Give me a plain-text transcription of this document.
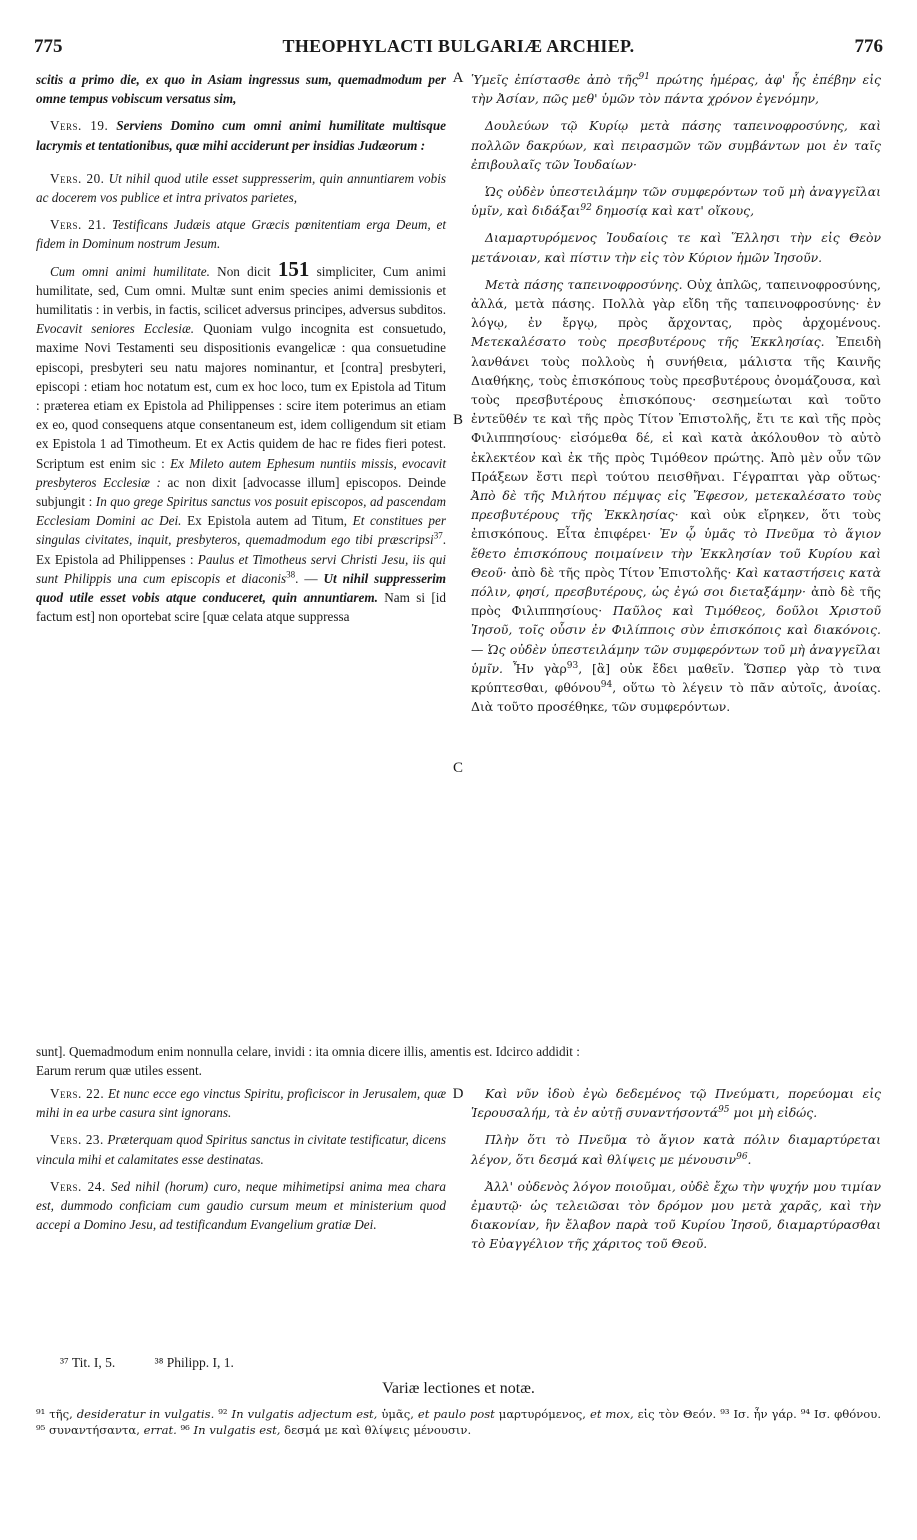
775	THEOPHYLACTI BULGARIÆ ARCHIEP.	776
A
B
C
D

scitis a primo die, ex quo in Asiam ingressus sum, quemadmodum per omne tempus vobiscum versatus sim,

Vers. 19. Serviens Domino cum omni animi humilitate multisque lacrymis et tentationibus, quæ mihi acciderunt per insidias Judæorum :

Vers. 20. Ut nihil quod utile esset suppresserim, quin annuntiarem vobis ac docerem vos publice et intra privatos parietes,

Vers. 21. Testificans Judæis atque Græcis pœnitentiam erga Deum, et fidem in Dominum nostrum Jesum.

Cum omni animi humilitate. Non dicit 151 simpliciter, Cum animi humilitate, sed, Cum omni. Multæ sunt enim species animi demissionis et humilitatis : in verbis, in factis, scilicet adversus principes, adversus subditos. Evocavit seniores Ecclesiæ. Quoniam vulgo incognita est consuetudo, maxime Novi Testamenti seu dispositionis evangelicæ : qua consuetudine episcopi, presbyteri seu natu majores nominantur, et [contra] presbyteri, episcopi : etiam hoc notatum est, cum ex hoc loco, tum ex Epistola ad Titum : præterea etiam ex Epistola ad Philippenses : scire item poterimus an etiam ex eo, quod consequens atque consentaneum est, idem colligendum sit etiam ex Epistola 1 ad Timotheum. Et ex Actis quidem de hac re fides fieri potest. Scriptum est enim sic : Ex Mileto autem Ephesum nuntiis missis, evocavit presbyteros Ecclesiæ : ac non dixit [advocasse illum] episcopos. Deinde subjungit : In quo grege Spiritus sanctus vos posuit episcopos, ad pascendam Ecclesiam Domini ac Dei. Ex Epistola autem ad Titum, Et constitues per singulas civitates, inquit, presbyteros, quemadmodum ego tibi præscripsi$^{37}$. Ex Epistola ad Philippenses : Paulus et Timotheus servi Christi Jesu, iis qui sunt Philippis una cum episcopis et diaconis$^{38}$. — Ut nihil suppresserim quod utile esset vobis atque conduceret, quin annuntiarem. Nam si [id factum est] non oportebat scire [quæ celata atque suppressa

Ὑμεῖς ἐπίστασθε ἀπὸ τῆς$^{91}$ πρώτης ἡμέρας, ἀφ' ἧς ἐπέβην εἰς τὴν Ἀσίαν, πῶς μεθ' ὑμῶν τὸν πάντα χρόνον ἐγενόμην,

Δουλεύων τῷ Κυρίῳ μετὰ πάσης ταπεινοφροσύνης, καὶ πολλῶν δακρύων, καὶ πειρασμῶν τῶν συμβάντων μοι ἐν ταῖς ἐπιβουλαῖς τῶν Ἰουδαίων·

Ὡς οὐδὲν ὑπεστειλάμην τῶν συμφερόντων τοῦ μὴ ἀναγγεῖλαι ὑμῖν, καὶ διδάξαι$^{92}$ δημοσίᾳ καὶ κατ' οἴκους,

Διαμαρτυρόμενος Ἰουδαίοις τε καὶ Ἕλλησι τὴν εἰς Θεὸν μετάνοιαν, καὶ πίστιν τὴν εἰς τὸν Κύριον ἡμῶν Ἰησοῦν.

Μετὰ πάσης ταπεινοφροσύνης. Οὐχ ἁπλῶς, ταπεινοφροσύνης, ἀλλά, μετὰ πάσης. Πολλὰ γὰρ εἴδη τῆς ταπεινοφροσύνης· ἐν λόγῳ, ἐν ἔργῳ, πρὸς ἄρχοντας, πρὸς ἀρχομένους. Μετεκαλέσατο τοὺς πρεσβυτέρους τῆς Ἐκκλησίας. Ἐπειδὴ λανθάνει τοὺς πολλοὺς ἡ συνήθεια, μάλιστα τῆς Καινῆς Διαθήκης, τοὺς ἐπισκόπους τοὺς πρεσβυτέρους ὀνομάζουσα, καὶ τοὺς πρεσβυτέρους ἐπισκόπους· σεσημείωται καὶ τοῦτο ἐντεῦθέν τε καὶ τῆς πρὸς Τίτον Ἐπιστολῆς, ἔτι τε καὶ τῆς πρὸς Φιλιππησίους· εἰσόμεθα δέ, εἰ καὶ κατὰ ἀκόλουθον τὸ αὐτὸ ἐκλεκτέον καὶ ἐκ τῆς πρὸς Τιμόθεον πρώτης. Ἀπὸ μὲν οὖν τῶν Πράξεων ἔστι περὶ τούτου πεισθῆναι. Γέγραπται γὰρ οὕτως· Ἀπὸ δὲ τῆς Μιλήτου πέμψας εἰς Ἔφεσον, μετεκαλέσατο τοὺς πρεσβυτέρους τῆς Ἐκκλησίας· καὶ οὐκ εἴρηκεν, ὅτι τοὺς ἐπισκόπους. Εἶτα ἐπιφέρει· Ἐν ᾧ ὑμᾶς τὸ Πνεῦμα τὸ ἅγιον ἔθετο ἐπισκόπους ποιμαίνειν τὴν Ἐκκλησίαν τοῦ Κυρίου καὶ Θεοῦ· ἀπὸ δὲ τῆς πρὸς Τίτον Ἐπιστολῆς· Καὶ καταστήσεις κατὰ πόλιν, φησί, πρεσβυτέρους, ὡς ἐγώ σοι διεταξάμην· ἀπὸ δὲ τῆς πρὸς Φιλιππησίους· Παῦλος καὶ Τιμόθεος, δοῦλοι Χριστοῦ Ἰησοῦ, τοῖς οὖσιν ἐν Φιλίπποις σὺν ἐπισκόποις καὶ διακόνοις. — Ὡς οὐδὲν ὑπεστειλάμην τῶν συμφερόντων τοῦ μὴ ἀναγγεῖλαι ὑμῖν. Ἦν γὰρ$^{93}$, [ἃ] οὐκ ἔδει μαθεῖν. Ὥσπερ γὰρ τὸ τινα κρύπτεσθαι, φθόνου$^{94}$, οὕτω τὸ λέγειν τὸ πᾶν αὐτοῖς, ἀνοίας. Διὰ τοῦτο προσέθηκε, τῶν συμφερόντων.

sunt]. Quemadmodum enim nonnulla celare, invidi : ita omnia dicere illis, amentis est. Idcirco addidit :
Earum rerum quæ utiles essent.

Vers. 22. Et nunc ecce ego vinctus Spiritu, proficiscor in Jerusalem, quæ mihi in ea urbe casura sint ignorans.

Vers. 23. Præterquam quod Spiritus sanctus in civitate testificatur, dicens vincula mihi et calamitates esse destinatas.

Vers. 24. Sed nihil (horum) curo, neque mihimetipsi anima mea chara est, dummodo conficiam cum gaudio cursum meum et ministerium quod accepi a Domino Jesu, ad testificandum Evangelium gratiæ Dei.

Καὶ νῦν ἰδοὺ ἐγὼ δεδεμένος τῷ Πνεύματι, πορεύομαι εἰς Ἱερουσαλήμ, τὰ ἐν αὐτῇ συναντήσοντά$^{95}$ μοι μὴ εἰδώς.

Πλὴν ὅτι τὸ Πνεῦμα τὸ ἅγιον κατὰ πόλιν διαμαρτύρεται λέγον, ὅτι δεσμά καὶ θλίψεις με μένουσιν$^{96}$.

Ἀλλ' οὐδενὸς λόγον ποιοῦμαι, οὐδὲ ἔχω τὴν ψυχήν μου τιμίαν ἐμαυτῷ· ὡς τελειῶσαι τὸν δρόμον μου μετὰ χαρᾶς, καὶ τὴν διακονίαν, ἣν ἔλαβον παρὰ τοῦ Κυρίου Ἰησοῦ, διαμαρτύρασθαι τὸ Εὐαγγέλιον τῆς χάριτος τοῦ Θεοῦ.

³⁷ Tit. I, 5.	³⁸ Philipp. I, 1.
Variæ lectiones et notæ.
⁹¹ τῆς, desideratur in vulgatis. ⁹² In vulgatis adjectum est, ὑμᾶς, et paulo post μαρτυρόμενος, et mox, εἰς τὸν Θεόν. ⁹³ Ισ. ἦν γάρ. ⁹⁴ Ισ. φθόνου. ⁹⁵ συναντήσαντα, errat. ⁹⁶ In vulgatis est, δεσμά με καὶ θλίψεις μένουσιν.
